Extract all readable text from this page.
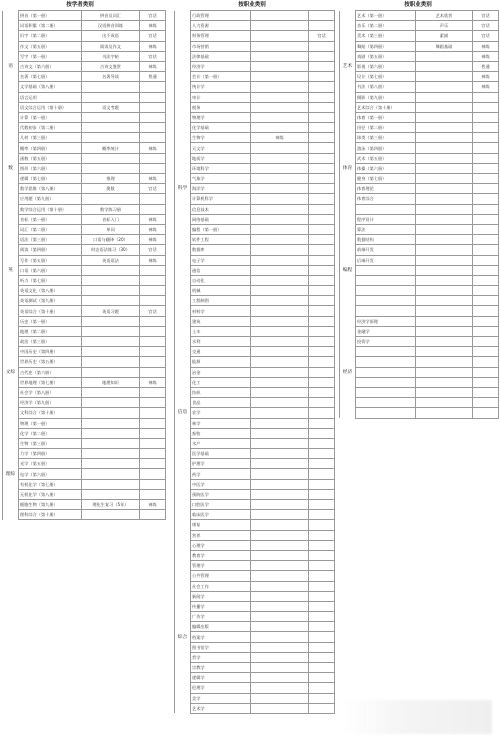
按学者类别	按职业类别	按职业类别
	拼音（第一册）	拼音及词汇	官话
	词语积累（第二册）	汉语拼音训练	神练
	识字（第二册）	出不成语	官话
	作文（第五册）	阅读及作文	神练
	写字（第一册）	书法字帖	官话
语	古诗文（第六册）	古诗文鉴赏	神练
	名著（第七册）	名著导读	普通
	文学基础（第八册）		
	语言运用		
	语文综合运用（第十册）	语文考题	
	计算（第一册）		
	代数初步（第二册）		
	几何（第三册）		
	概率（第四册）	概率统计	神练
	函数（第五册）		
数	图形（第六册）		
	逻辑（第七册）	推理	神练
	数学思维（第八册）	奥数	官话
	应用题（第九册）		
	数学综合运用（第十册）	数学练习册	
	音标（第一册）	音标入门	神练
	词汇（第二册）	单词	神练
	语法（第三册）	口语与翻译（20）	神练
	阅读（第四册）	时态语法练习（30）	官话
	写作（第五册）	英语语法	神练
英	口语（第六册）		
	听力（第七册）		
	英语文化（第八册）		
	英语测试（第九册）		
	英语综合（第十册）	英语习题	官话
	历史（第一册）		
	地理（第二册）		
	政治（第三册）		
	中国历史（第四册）		
	世界历史（第五册）		
文综	古代史（第六册）		
	世界地理（第七册）	地理知识	神练
	社会学（第八册）		
	经济学（第九册）		
	文科综合（第十册）		
	物理（第一册）		
	化学（第二册）		
	生物（第三册）		
	力学（第四册）		
	光学（第五册）		
理综	电学（第六册）		
	有机化学（第七册）		
	无机化学（第八册）		
	细胞生物（第九册）	理化生复习（5年）	神练
	理科综合（第十册）		
	行政管理		
	人力资源		
	财务管理		官话
	市场营销		
	法律基础		
	经济学		
	会计（第一册）		
	统计学		
	审计		
	税务		
	物理学		
	化学基础		
	生物学	神练	
	天文学		
	地质学		
	环境科学		
	气象学		
科学	海洋学		
	计算机科学		
	信息技术		
	网络基础		
	编程（第一册）		
	软件工程		
	数据库		
	电子学		
	通信		
	自动化		
	机械		
	工程制图		
	材料学		
	建筑		
	土木		
	水利		
	交通		
	能源		
	冶金		
	化工		
	纺织		
	食品		
信息	农学		
	林学		
	畜牧		
	水产		
	医学基础		
	护理学		
	药学		
	中医学		
	预防医学		
	口腔医学		
	临床医学		
	康复		
	营养		
	心理学		
	教育学		
	管理学		
	公共管理		
	社会工作		
	新闻学		
	传播学		
	广告学		
	编辑出版		
综合	档案学		
	图书馆学		
	哲学		
	宗教学		
	逻辑学		
	伦理学		
	美学		
	艺术学		
	艺术（第一册）	艺术欣赏	官话
	音乐（第二册）	声乐	官话
	美术（第三册）	素描	官话
	舞蹈（第四册）	舞蹈基础	神练
	戏剧（第五册）		神练
艺术	影视（第六册）		普通
	设计（第七册）		神练
	书法（第八册）		神练
	摄影（第九册）		
	艺术综合（第十册）		
	体育（第一册）		
	田径（第二册）		
	球类（第三册）		
	游泳（第四册）		
	武术（第五册）		
体育	体操（第六册）		
	健身（第七册）		
	体育理论		
	体育综合		

	程序设计		
	算法		
	数据结构		
	前端开发		
	后端开发		
编程			

	经济学原理		
	金融学		
	投资学		

经济			
